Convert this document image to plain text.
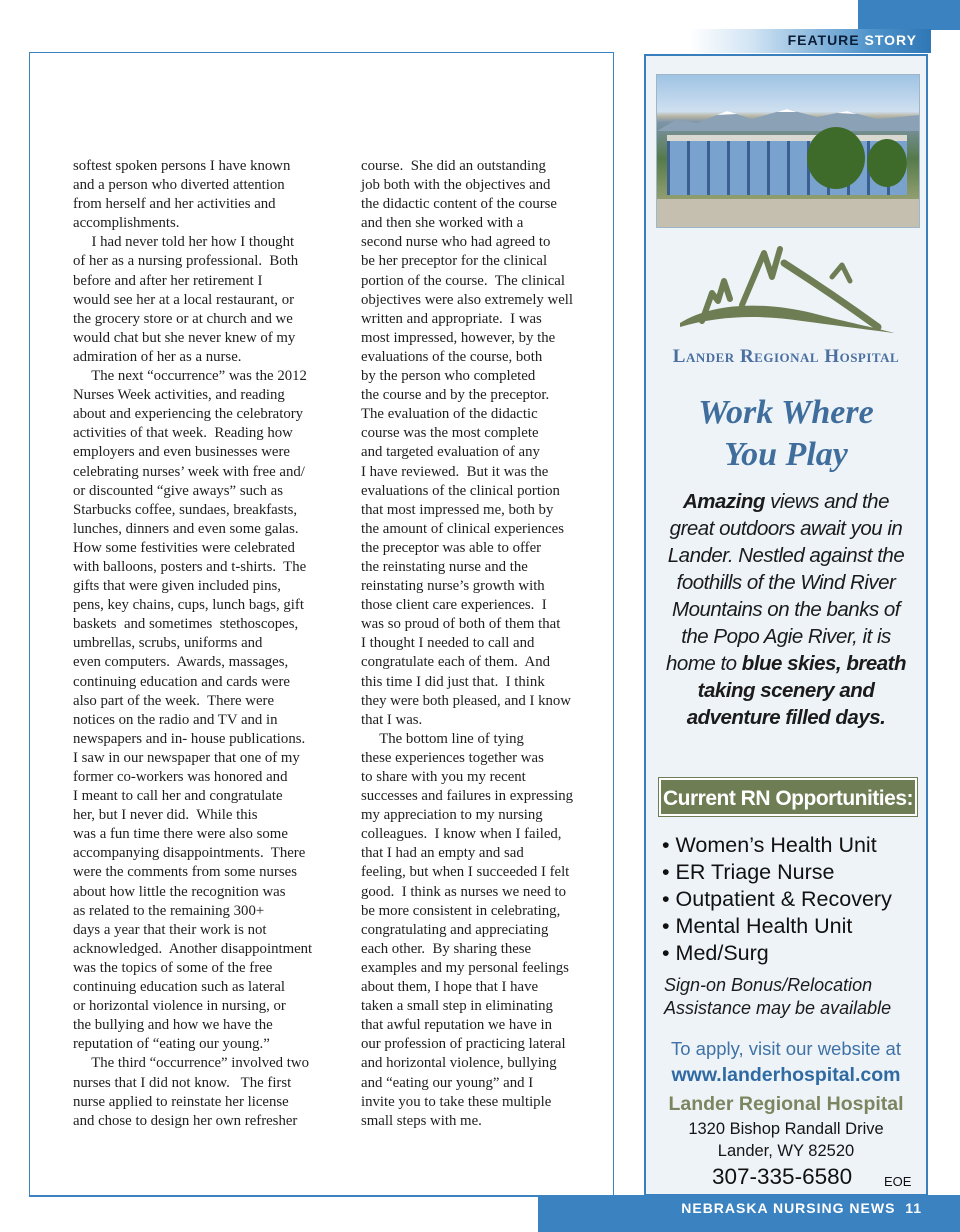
FEATURE STORY
softest spoken persons I have known
and a person who diverted attention
from herself and her activities and
accomplishments.
I had never told her how I thought
of her as a nursing professional.  Both
before and after her retirement I
would see her at a local restaurant, or
the grocery store or at church and we
would chat but she never knew of my
admiration of her as a nurse.
The next “occurrence” was the 2012
Nurses Week activities, and reading
about and experiencing the celebratory
activities of that week.  Reading how
employers and even businesses were
celebrating nurses’ week with free and/
or discounted “give aways” such as
Starbucks coffee, sundaes, breakfasts,
lunches, dinners and even some galas.
How some festivities were celebrated
with balloons, posters and t-shirts.  The
gifts that were given included pins,
pens, key chains, cups, lunch bags, gift
baskets  and sometimes  stethoscopes,
umbrellas, scrubs, uniforms and
even computers.  Awards, massages,
continuing education and cards were
also part of the week.  There were
notices on the radio and TV and in
newspapers and in- house publications.
I saw in our newspaper that one of my
former co-workers was honored and
I meant to call her and congratulate
her, but I never did.  While this
was a fun time there were also some
accompanying disappointments.  There
were the comments from some nurses
about how little the recognition was
as related to the remaining 300+
days a year that their work is not
acknowledged.  Another disappointment
was the topics of some of the free
continuing education such as lateral
or horizontal violence in nursing, or
the bullying and how we have the
reputation of “eating our young.”
The third “occurrence” involved two
nurses that I did not know.   The first
nurse applied to reinstate her license
and chose to design her own refresher
course.  She did an outstanding
job both with the objectives and
the didactic content of the course
and then she worked with a
second nurse who had agreed to
be her preceptor for the clinical
portion of the course.  The clinical
objectives were also extremely well
written and appropriate.  I was
most impressed, however, by the
evaluations of the course, both
by the person who completed
the course and by the preceptor.
The evaluation of the didactic
course was the most complete
and targeted evaluation of any
I have reviewed.  But it was the
evaluations of the clinical portion
that most impressed me, both by
the amount of clinical experiences
the preceptor was able to offer
the reinstating nurse and the
reinstating nurse’s growth with
those client care experiences.  I
was so proud of both of them that
I thought I needed to call and
congratulate each of them.  And
this time I did just that.  I think
they were both pleased, and I know
that I was.
The bottom line of tying
these experiences together was
to share with you my recent
successes and failures in expressing
my appreciation to my nursing
colleagues.  I know when I failed,
that I had an empty and sad
feeling, but when I succeeded I felt
good.  I think as nurses we need to
be more consistent in celebrating,
congratulating and appreciating
each other.  By sharing these
examples and my personal feelings
about them, I hope that I have
taken a small step in eliminating
that awful reputation we have in
our profession of practicing lateral
and horizontal violence, bullying
and “eating our young” and I
invite you to take these multiple
small steps with me.
Lander Regional Hospital
Work Where
You Play
Amazing views and the great outdoors await you in Lander. Nestled against the foothills of the Wind River Mountains on the banks of the Popo Agie River, it is home to blue skies, breath taking scenery and adventure filled days.
Current RN Opportunities:
• Women’s Health Unit
• ER Triage Nurse
• Outpatient & Recovery
• Mental Health Unit
• Med/Surg
Sign-on Bonus/Relocation
Assistance may be available
To apply, visit our website at
www.landerhospital.com
Lander Regional Hospital
1320 Bishop Randall Drive
Lander, WY 82520
307-335-6580 EOE
NEBRASKA NURSING NEWS 11
